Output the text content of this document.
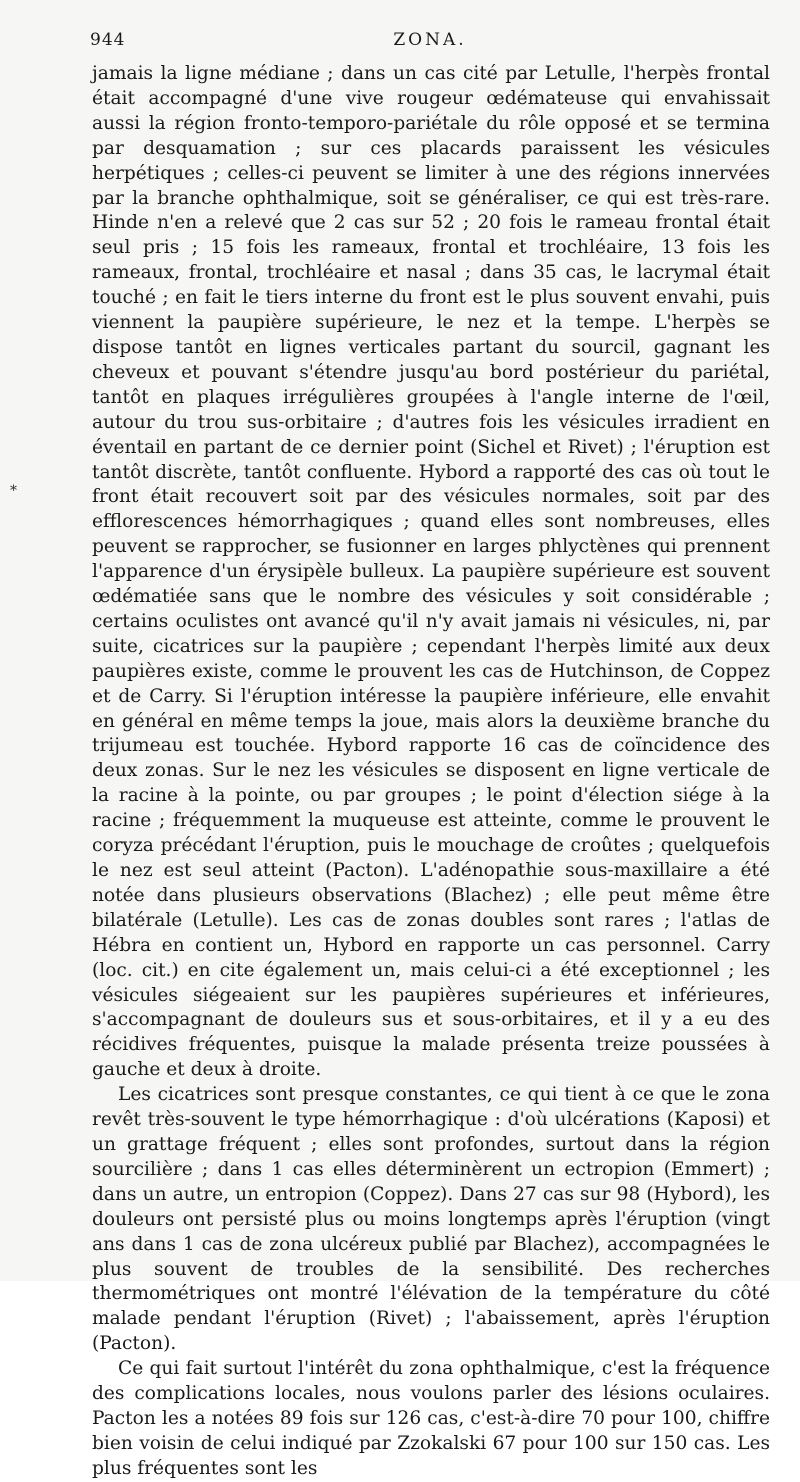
944	ZONA.
*

jamais la ligne médiane ; dans un cas cité par Letulle, l'herpès frontal était accompagné d'une vive rougeur œdémateuse qui envahissait aussi la région fronto-temporo-pariétale du rôle opposé et se termina par desquamation ; sur ces placards paraissent les vésicules herpétiques ; celles-ci peuvent se limiter à une des régions innervées par la branche ophthalmique, soit se généraliser, ce qui est très-rare. Hinde n'en a relevé que 2 cas sur 52 ; 20 fois le rameau frontal était seul pris ; 15 fois les rameaux, frontal et trochléaire, 13 fois les rameaux, frontal, trochléaire et nasal ; dans 35 cas, le lacrymal était touché ; en fait le tiers interne du front est le plus souvent envahi, puis viennent la paupière supérieure, le nez et la tempe. L'herpès se dispose tantôt en lignes verticales partant du sourcil, gagnant les cheveux et pouvant s'étendre jusqu'au bord postérieur du pariétal, tantôt en plaques irrégulières groupées à l'angle interne de l'œil, autour du trou sus-orbitaire ; d'autres fois les vésicules irradient en éventail en partant de ce dernier point (Sichel et Rivet) ; l'éruption est tantôt discrète, tantôt confluente. Hybord a rapporté des cas où tout le front était recouvert soit par des vésicules normales, soit par des efflorescences hémorrhagiques ; quand elles sont nombreuses, elles peuvent se rapprocher, se fusionner en larges phlyctènes qui prennent l'apparence d'un érysipèle bulleux. La paupière supérieure est souvent œdématiée sans que le nombre des vésicules y soit considérable ; certains oculistes ont avancé qu'il n'y avait jamais ni vésicules, ni, par suite, cicatrices sur la paupière ; cependant l'herpès limité aux deux paupières existe, comme le prouvent les cas de Hutchinson, de Coppez et de Carry. Si l'éruption intéresse la paupière inférieure, elle envahit en général en même temps la joue, mais alors la deuxième branche du trijumeau est touchée. Hybord rapporte 16 cas de coïncidence des deux zonas. Sur le nez les vésicules se disposent en ligne verticale de la racine à la pointe, ou par groupes ; le point d'élection siége à la racine ; fréquemment la muqueuse est atteinte, comme le prouvent le coryza précédant l'éruption, puis le mouchage de croûtes ; quelquefois le nez est seul atteint (Pacton). L'adénopathie sous-maxillaire a été notée dans plusieurs observations (Blachez) ; elle peut même être bilatérale (Letulle). Les cas de zonas doubles sont rares ; l'atlas de Hébra en contient un, Hybord en rapporte un cas personnel. Carry (loc. cit.) en cite également un, mais celui-ci a été exceptionnel ; les vésicules siégeaient sur les paupières supérieures et inférieures, s'accompagnant de douleurs sus et sous-orbitaires, et il y a eu des récidives fréquentes, puisque la malade présenta treize poussées à gauche et deux à droite.

Les cicatrices sont presque constantes, ce qui tient à ce que le zona revêt très-souvent le type hémorrhagique : d'où ulcérations (Kaposi) et un grattage fréquent ; elles sont profondes, surtout dans la région sourcilière ; dans 1 cas elles déterminèrent un ectropion (Emmert) ; dans un autre, un entropion (Coppez). Dans 27 cas sur 98 (Hybord), les douleurs ont persisté plus ou moins longtemps après l'éruption (vingt ans dans 1 cas de zona ulcéreux publié par Blachez), accompagnées le plus souvent de troubles de la sensibilité. Des recherches thermométriques ont montré l'élévation de la température du côté malade pendant l'éruption (Rivet) ; l'abaissement, après l'éruption (Pacton).

Ce qui fait surtout l'intérêt du zona ophthalmique, c'est la fréquence des complications locales, nous voulons parler des lésions oculaires. Pacton les a notées 89 fois sur 126 cas, c'est-à-dire 70 pour 100, chiffre bien voisin de celui indiqué par Zzokalski 67 pour 100 sur 150 cas. Les plus fréquentes sont les
